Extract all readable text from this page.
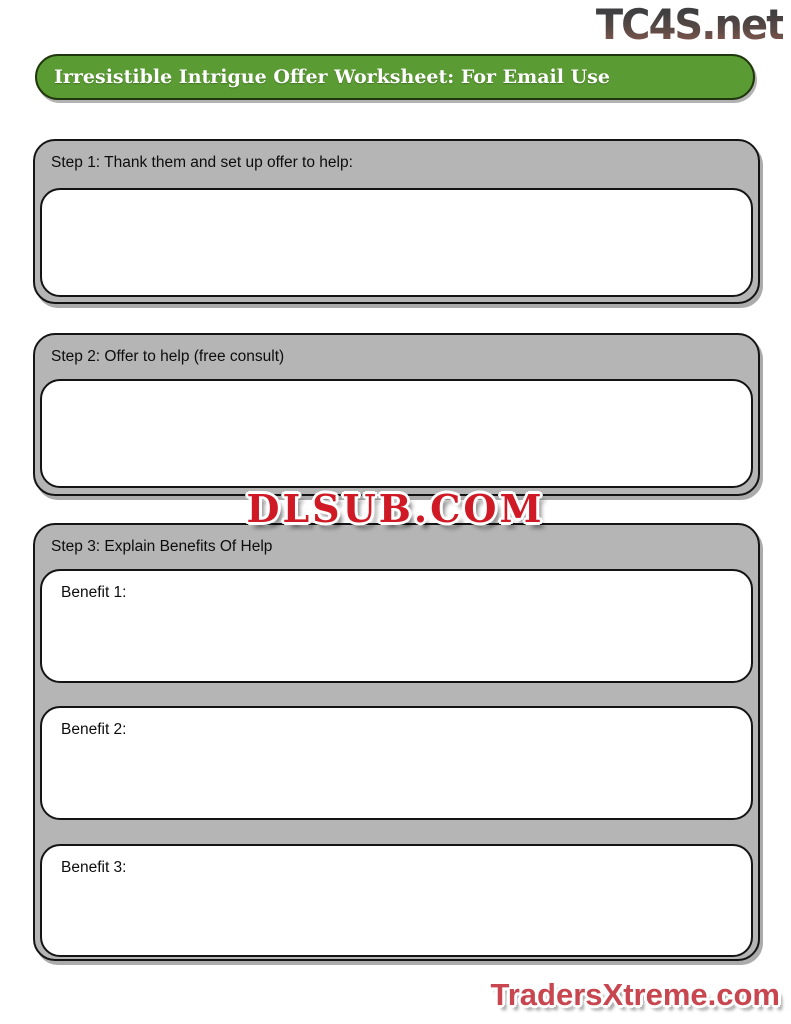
TC4S.net
Irresistible Intrigue Offer Worksheet: For Email Use
Step 1: Thank them and set up offer to help:
Step 2: Offer to help (free consult)
DLSUB.COM
Step 3: Explain Benefits Of Help
Benefit 1:
Benefit 2:
Benefit 3:
TradersXtreme.com
